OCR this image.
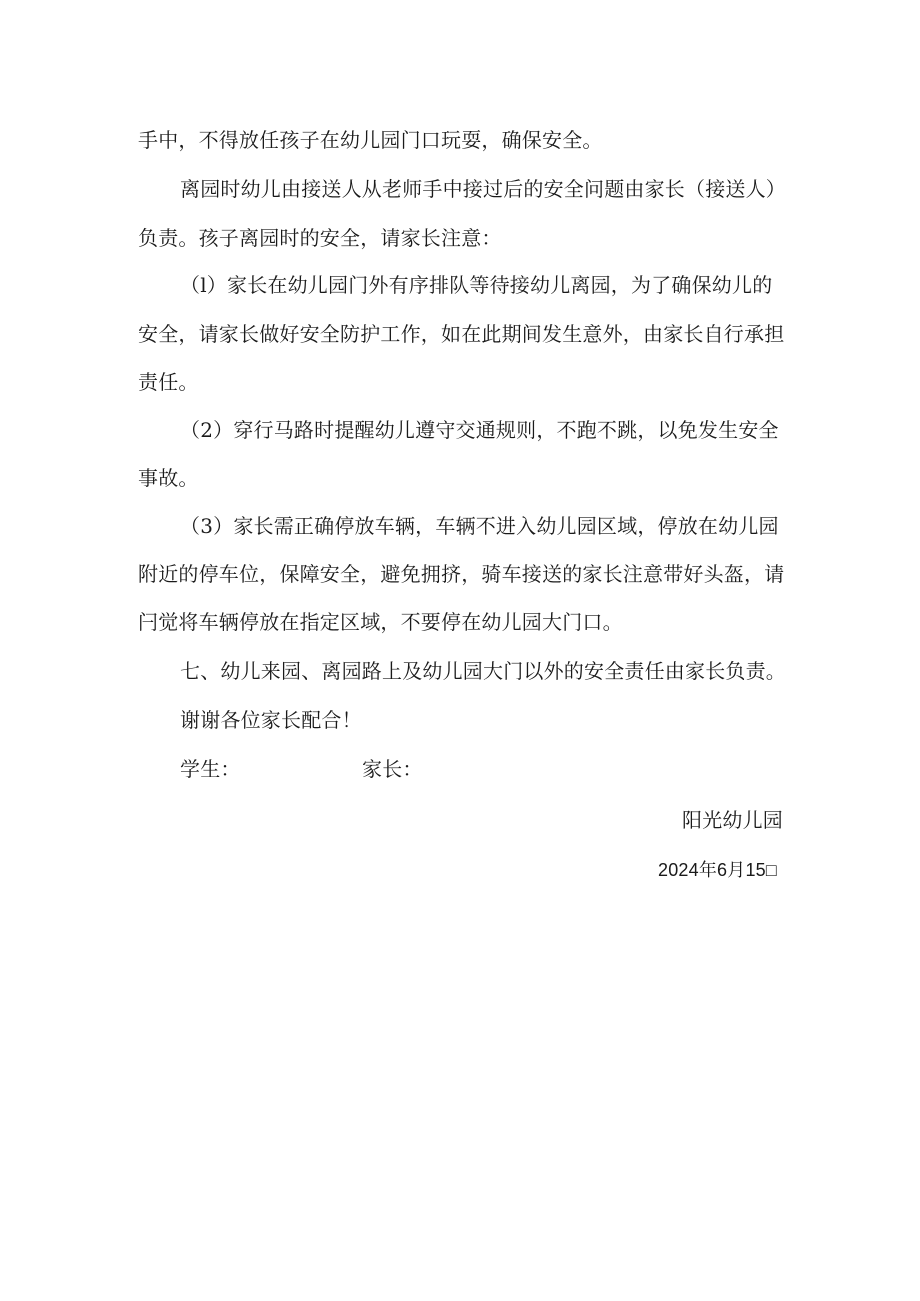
手中，不得放任孩子在幼儿园门口玩耍，确保安全。
离园时幼儿由接送人从老师手中接过后的安全问题由家长（接送人）
负责。孩子离园时的安全，请家长注意：
（l）家长在幼儿园门外有序排队等待接幼儿离园，为了确保幼儿的
安全，请家长做好安全防护工作，如在此期间发生意外，由家长自行承担
责任。
（2）穿行马路时提醒幼儿遵守交通规则，不跑不跳，以免发生安全
事故。
（3）家长需正确停放车辆，车辆不进入幼儿园区域，停放在幼儿园
附近的停车位，保障安全，避免拥挤，骑车接送的家长注意带好头盔，请
闩觉将车辆停放在指定区域，不要停在幼儿园大门口。
七、幼儿来园、离园路上及幼儿园大门以外的安全责任由家长负责。
谢谢各位家长配合！
学生：	家长：
阳光幼儿园
2024年6月15□
